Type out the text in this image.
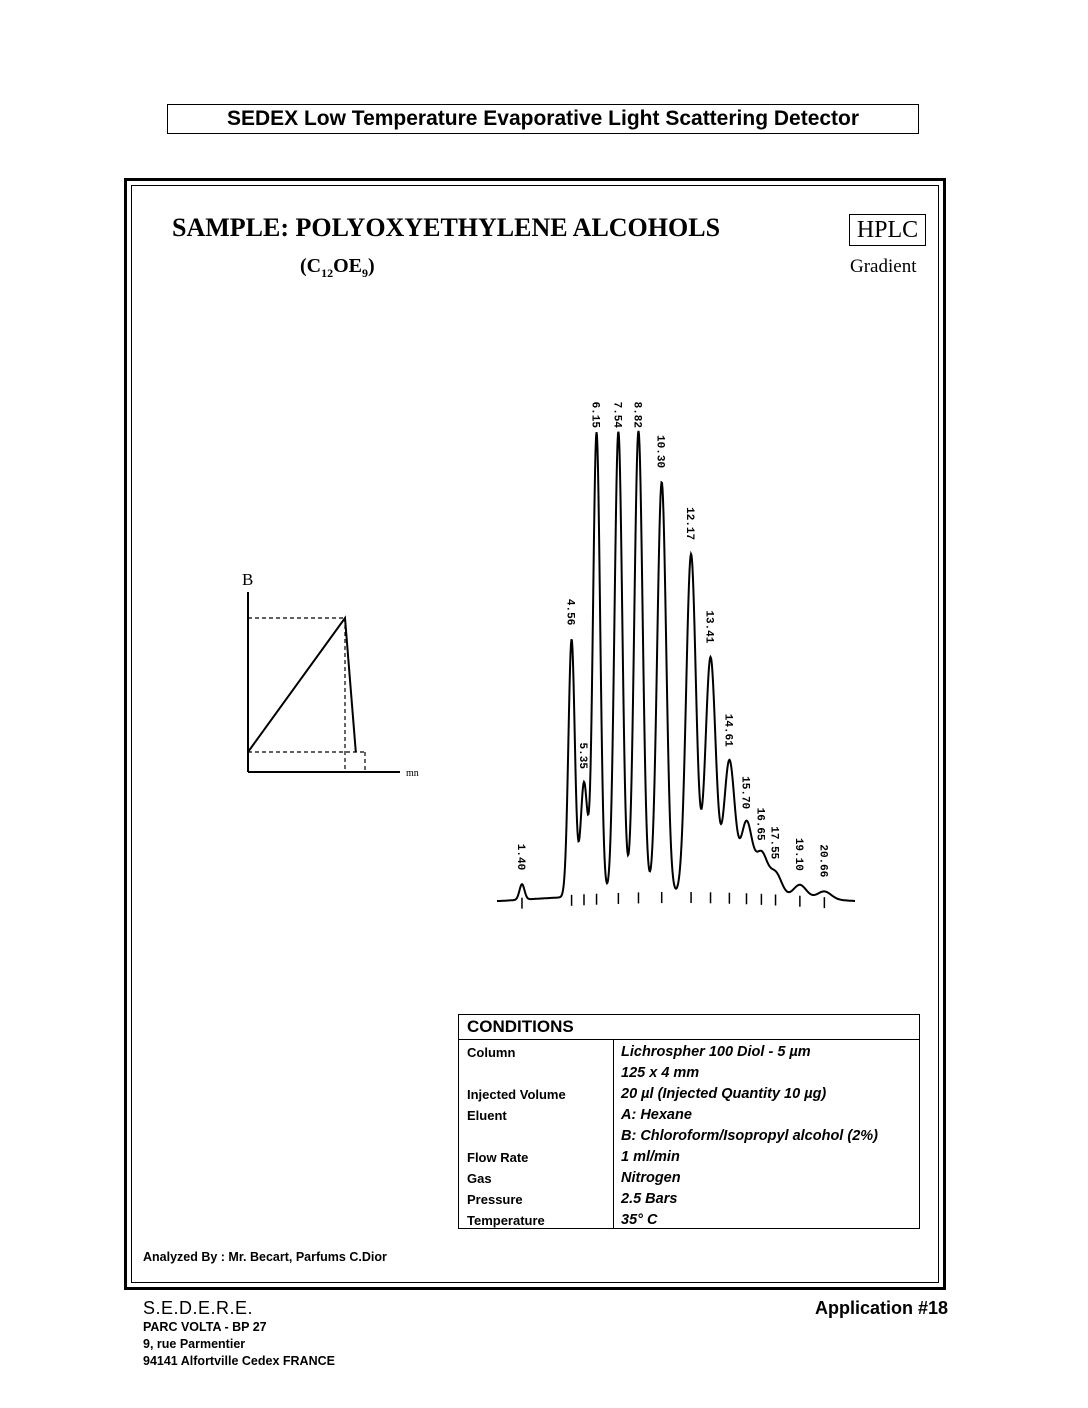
SEDEX Low Temperature Evaporative Light Scattering Detector
SAMPLE: POLYOXYETHYLENE ALCOHOLS
$(C_{12}OE_9)$
HPLC
Gradient
B
mn
1.40
4.56
5.35
6.15 7.54 8.82
10.30
12.17
13.41
14.61
15.70
16.65
17.55 19.10 20.66
CONDITIONS
Column	Lichrospher 100 Diol - 5 µm
125 x 4 mm
Injected Volume	20 µl (Injected Quantity 10 µg)
Eluent	A: Hexane
B: Chloroform/Isopropyl alcohol (2%)
Flow Rate	1 ml/min
Gas	Nitrogen
Pressure	2.5 Bars
Temperature	35° C
Analyzed By : Mr. Becart, Parfums C.Dior
S.E.D.E.R.E.
PARC VOLTA - BP 27
9, rue Parmentier
94141 Alfortville Cedex FRANCE
Application #18
